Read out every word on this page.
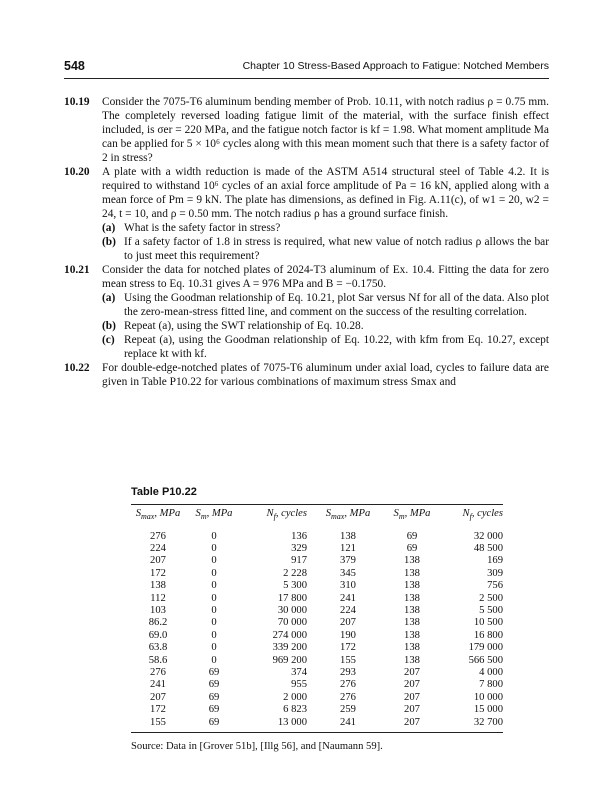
548	Chapter 10 Stress-Based Approach to Fatigue: Notched Members
10.19 Consider the 7075-T6 aluminum bending member of Prob. 10.11, with notch radius ρ = 0.75 mm. The completely reversed loading fatigue limit of the material, with the surface finish effect included, is σer = 220 MPa, and the fatigue notch factor is kf = 1.98. What moment amplitude Ma can be applied for 5 × 10⁶ cycles along with this mean moment such that there is a safety factor of 2 in stress?
10.20 A plate with a width reduction is made of the ASTM A514 structural steel of Table 4.2. It is required to withstand 10⁶ cycles of an axial force amplitude of Pa = 16 kN, applied along with a mean force of Pm = 9 kN. The plate has dimensions, as defined in Fig. A.11(c), of w1 = 20, w2 = 24, t = 10, and ρ = 0.50 mm. The notch radius ρ has a ground surface finish.
(a) What is the safety factor in stress?
(b) If a safety factor of 1.8 in stress is required, what new value of notch radius ρ allows the bar to just meet this requirement?
10.21 Consider the data for notched plates of 2024-T3 aluminum of Ex. 10.4. Fitting the data for zero mean stress to Eq. 10.31 gives A = 976 MPa and B = −0.1750.
(a) Using the Goodman relationship of Eq. 10.21, plot Sar versus Nf for all of the data. Also plot the zero-mean-stress fitted line, and comment on the success of the resulting correlation.
(b) Repeat (a), using the SWT relationship of Eq. 10.28.
(c) Repeat (a), using the Goodman relationship of Eq. 10.22, with kfm from Eq. 10.27, except replace kt with kf.
10.22 For double-edge-notched plates of 7075-T6 aluminum under axial load, cycles to failure data are given in Table P10.22 for various combinations of maximum stress Smax and
Table P10.22
$S_{max}$, MPa	$S_m$, MPa	$N_f$, cycles	$S_{max}$, MPa	$S_m$, MPa	$N_f$, cycles
276	0	136	138	69	32 000
224	0	329	121	69	48 500
207	0	917	379	138	169
172	0	2 228	345	138	309
138	0	5 300	310	138	756
112	0	17 800	241	138	2 500
103	0	30 000	224	138	5 500
86.2	0	70 000	207	138	10 500
69.0	0	274 000	190	138	16 800
63.8	0	339 200	172	138	179 000
58.6	0	969 200	155	138	566 500
276	69	374	293	207	4 000
241	69	955	276	207	7 800
207	69	2 000	276	207	10 000
172	69	6 823	259	207	15 000
155	69	13 000	241	207	32 700
Source: Data in [Grover 51b], [Illg 56], and [Naumann 59].
